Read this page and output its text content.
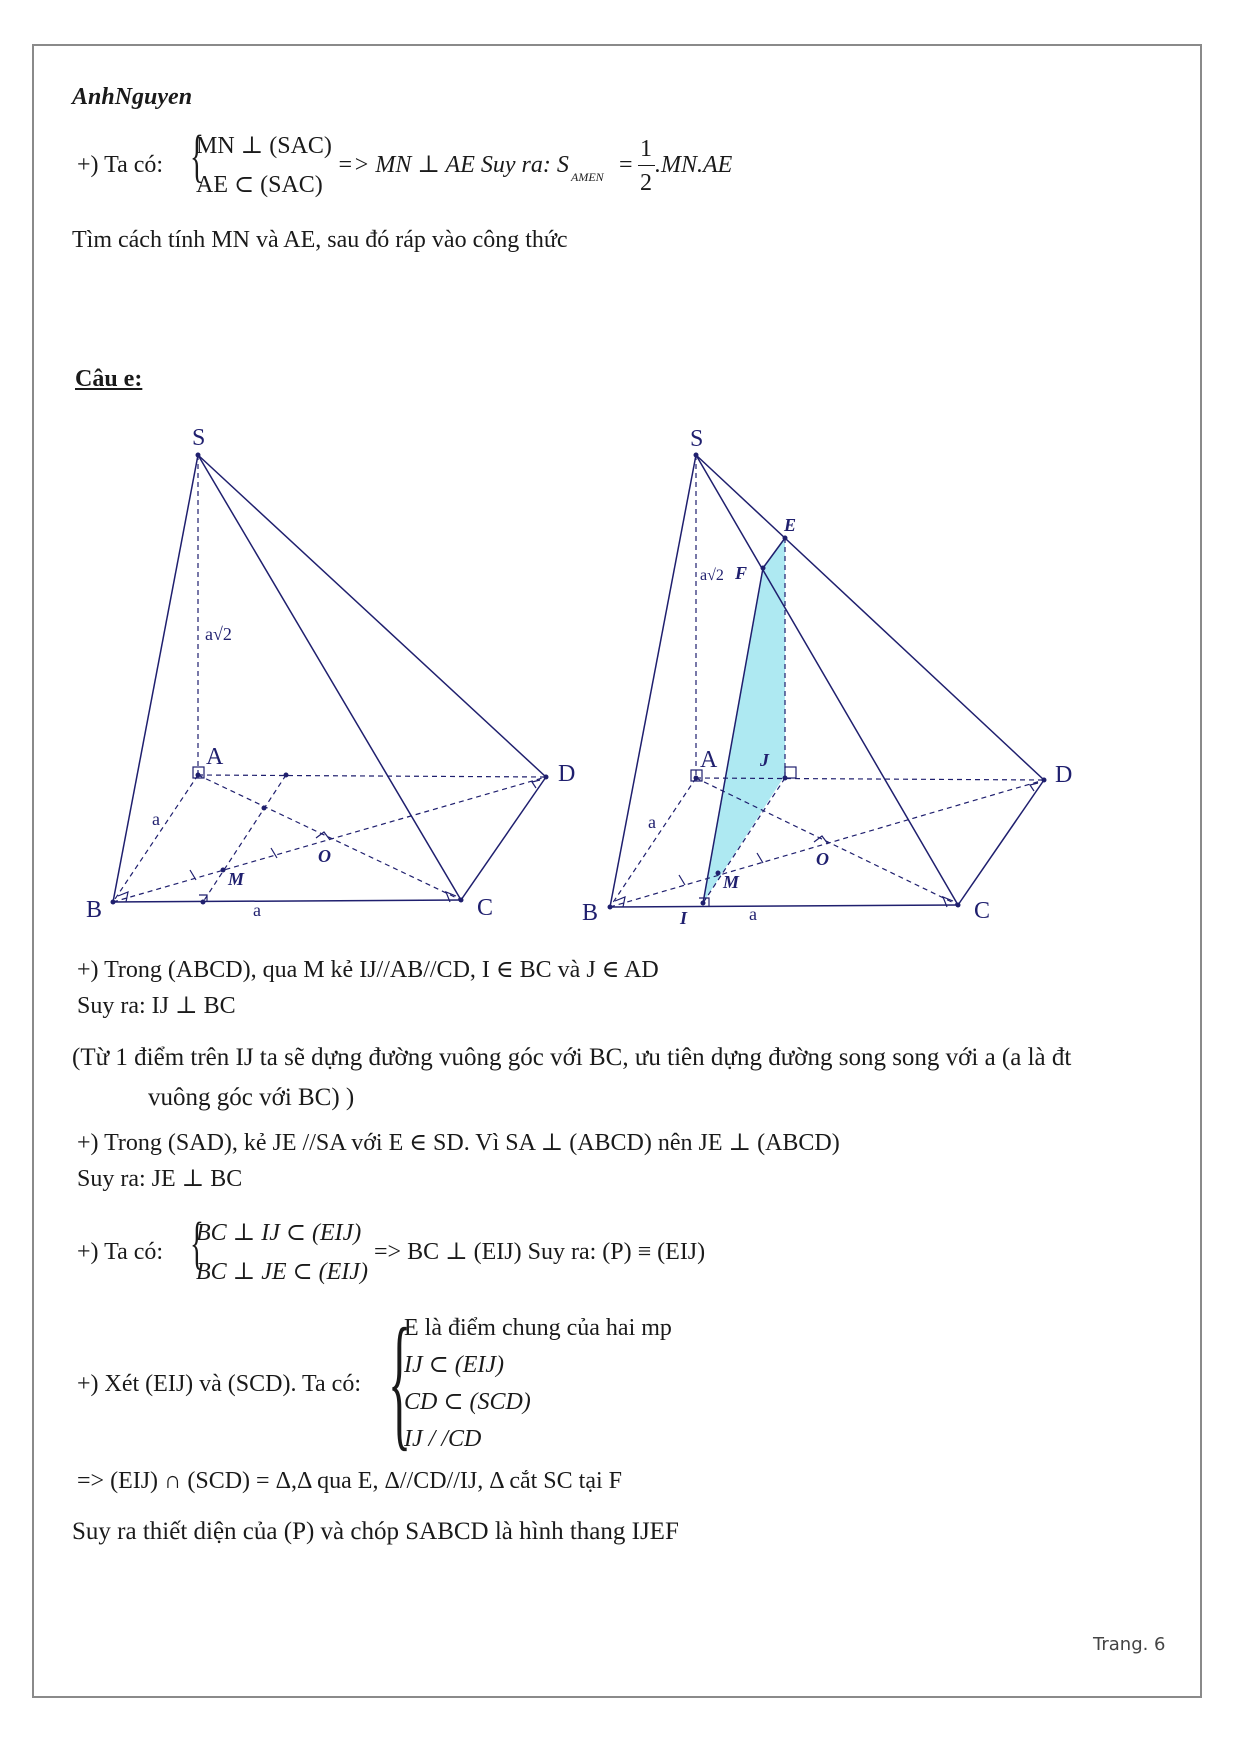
AnhNguyen
+) Ta có: {
MN ⊥ (SAC)
AE ⊂ (SAC)
=> MN ⊥ AE Suy ra: S AMEN =
1
2
.MN.AE
Tìm cách tính MN và AE, sau đó ráp vào công thức
Câu e:
S
A
B	C
D
O
M
a√2
a
a
S
A
B	C
D
E
F
J
O
M
I
a√2
a
a
+) Trong (ABCD), qua M kẻ IJ//AB//CD, I ∈ BC và J ∈ AD
Suy ra: IJ ⊥ BC
(Từ 1 điểm trên IJ ta sẽ dựng đường vuông góc với BC, ưu tiên dựng đường song song với a (a là đt
vuông góc với BC) )
+) Trong (SAD), kẻ JE //SA với E ∈ SD. Vì SA ⊥ (ABCD) nên JE ⊥ (ABCD)
Suy ra: JE ⊥ BC
+) Ta có: {
BC ⊥ IJ ⊂ (EIJ)
BC ⊥ JE ⊂ (EIJ)
=> BC ⊥ (EIJ) Suy ra: (P) ≡ (EIJ)
+) Xét (EIJ) và (SCD). Ta có: {
E là điểm chung của hai mp
IJ ⊂ (EIJ)
CD ⊂ (SCD)
IJ / /CD
=> (EIJ) ∩ (SCD) = Δ,Δ qua E, Δ//CD//IJ, Δ cắt SC tại F
Suy ra thiết diện của (P) và chóp SABCD là hình thang IJEF
Trang. 6
